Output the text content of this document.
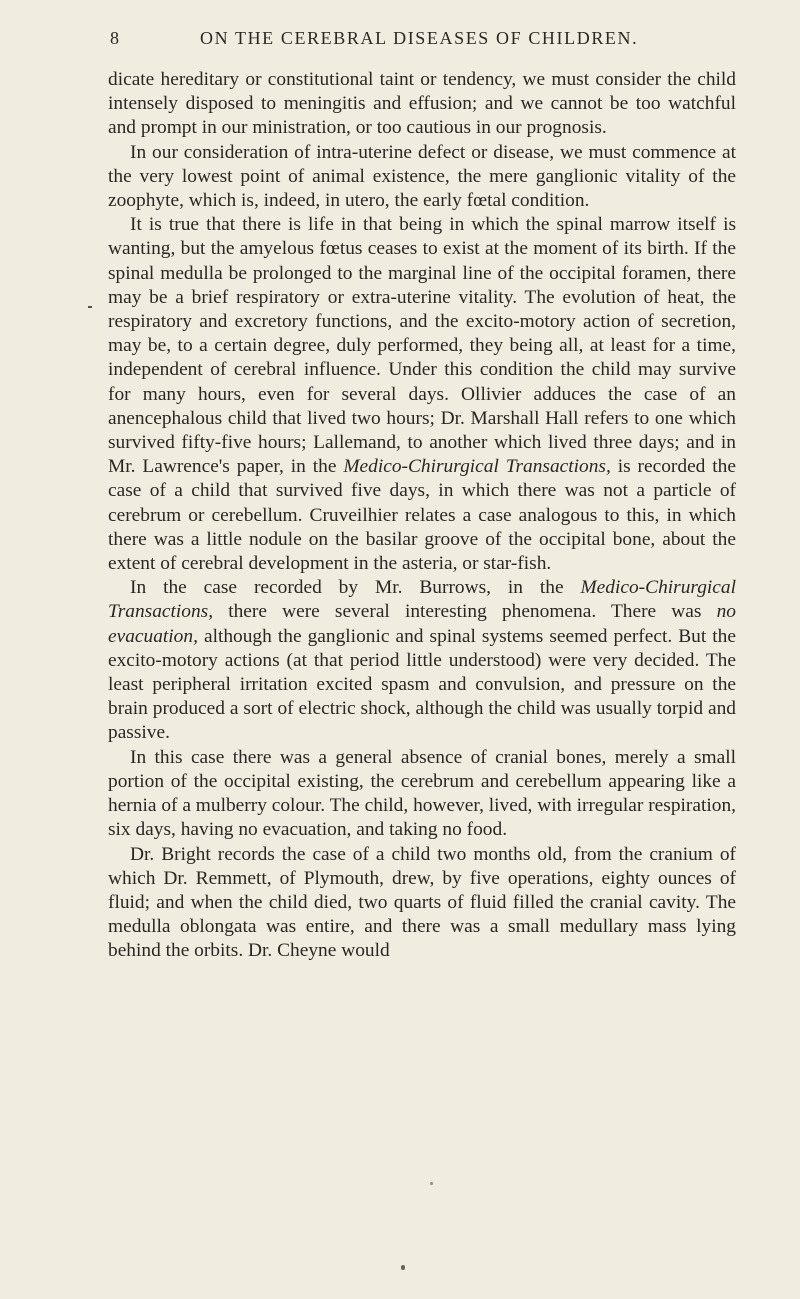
8	ON THE CEREBRAL DISEASES OF CHILDREN.

dicate hereditary or constitutional taint or tendency, we must consider the child intensely disposed to meningitis and effusion; and we cannot be too watchful and prompt in our ministration, or too cautious in our prognosis.

In our consideration of intra-uterine defect or disease, we must commence at the very lowest point of animal existence, the mere ganglionic vitality of the zoophyte, which is, indeed, in utero, the early fœtal condition.

It is true that there is life in that being in which the spinal marrow itself is wanting, but the amyelous fœtus ceases to exist at the moment of its birth. If the spinal medulla be prolonged to the marginal line of the occipital foramen, there may be a brief respiratory or extra-uterine vitality. The evolution of heat, the respiratory and excretory functions, and the excito-motory action of secretion, may be, to a certain degree, duly performed, they being all, at least for a time, independent of cerebral influence. Under this condition the child may survive for many hours, even for several days. Ollivier adduces the case of an anencephalous child that lived two hours; Dr. Marshall Hall refers to one which survived fifty-five hours; Lallemand, to another which lived three days; and in Mr. Lawrence's paper, in the Medico-Chirurgical Transactions, is recorded the case of a child that survived five days, in which there was not a particle of cerebrum or cerebellum. Cruveilhier relates a case analogous to this, in which there was a little nodule on the basilar groove of the occipital bone, about the extent of cerebral development in the asteria, or star-fish.

In the case recorded by Mr. Burrows, in the Medico-Chirurgical Transactions, there were several interesting phenomena. There was no evacuation, although the ganglionic and spinal systems seemed perfect. But the excito-motory actions (at that period little understood) were very decided. The least peripheral irritation excited spasm and convulsion, and pressure on the brain produced a sort of electric shock, although the child was usually torpid and passive.

In this case there was a general absence of cranial bones, merely a small portion of the occipital existing, the cerebrum and cerebellum appearing like a hernia of a mulberry colour. The child, however, lived, with irregular respiration, six days, having no evacuation, and taking no food.

Dr. Bright records the case of a child two months old, from the cranium of which Dr. Remmett, of Plymouth, drew, by five operations, eighty ounces of fluid; and when the child died, two quarts of fluid filled the cranial cavity. The medulla oblongata was entire, and there was a small medullary mass lying behind the orbits. Dr. Cheyne would
